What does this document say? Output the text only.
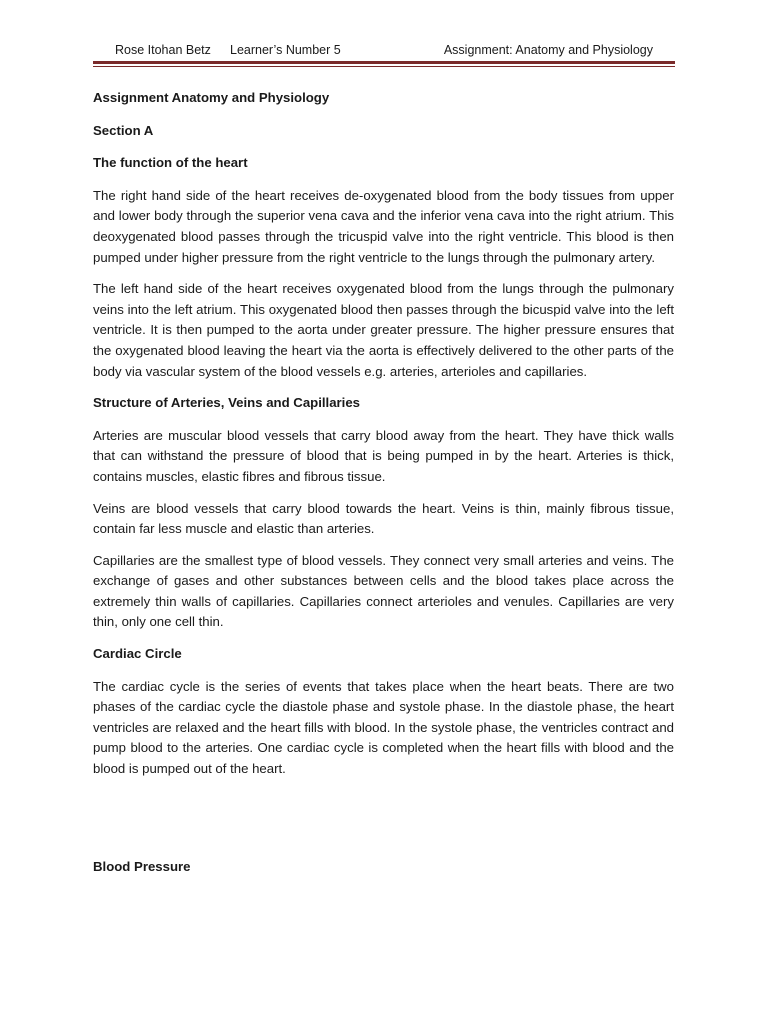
Rose Itohan Betz Learner’s Number 5	Assignment: Anatomy and Physiology

Assignment Anatomy and Physiology

Section A

The function of the heart

The right hand side of the heart receives de-oxygenated blood from the body tissues from upper and lower body through the superior vena cava and the inferior vena cava into the right atrium. This deoxygenated blood passes through the tricuspid valve into the right ventricle. This blood is then pumped under higher pressure from the right ventricle to the lungs through the pulmonary artery.

The left hand side of the heart receives oxygenated blood from the lungs through the pulmonary veins into the left atrium. This oxygenated blood then passes through the bicuspid valve into the left ventricle. It is then pumped to the aorta under greater pressure. The higher pressure ensures that the oxygenated blood leaving the heart via the aorta is effectively delivered to the other parts of the body via vascular system of the blood vessels e.g. arteries, arterioles and capillaries.

Structure of Arteries, Veins and Capillaries

Arteries are muscular blood vessels that carry blood away from the heart. They have thick walls that can withstand the pressure of blood that is being pumped in by the heart. Arteries is thick, contains muscles, elastic fibres and fibrous tissue.

Veins are blood vessels that carry blood towards the heart. Veins is thin, mainly fibrous tissue, contain far less muscle and elastic than arteries.

Capillaries are the smallest type of blood vessels. They connect very small arteries and veins. The exchange of gases and other substances between cells and the blood takes place across the extremely thin walls of capillaries. Capillaries connect arterioles and venules. Capillaries are very thin, only one cell thin.

Cardiac Circle

The cardiac cycle is the series of events that takes place when the heart beats. There are two phases of the cardiac cycle the diastole phase and systole phase. In the diastole phase, the heart ventricles are relaxed and the heart fills with blood. In the systole phase, the ventricles contract and pump blood to the arteries. One cardiac cycle is completed when the heart fills with blood and the blood is pumped out of the heart.

Blood Pressure
